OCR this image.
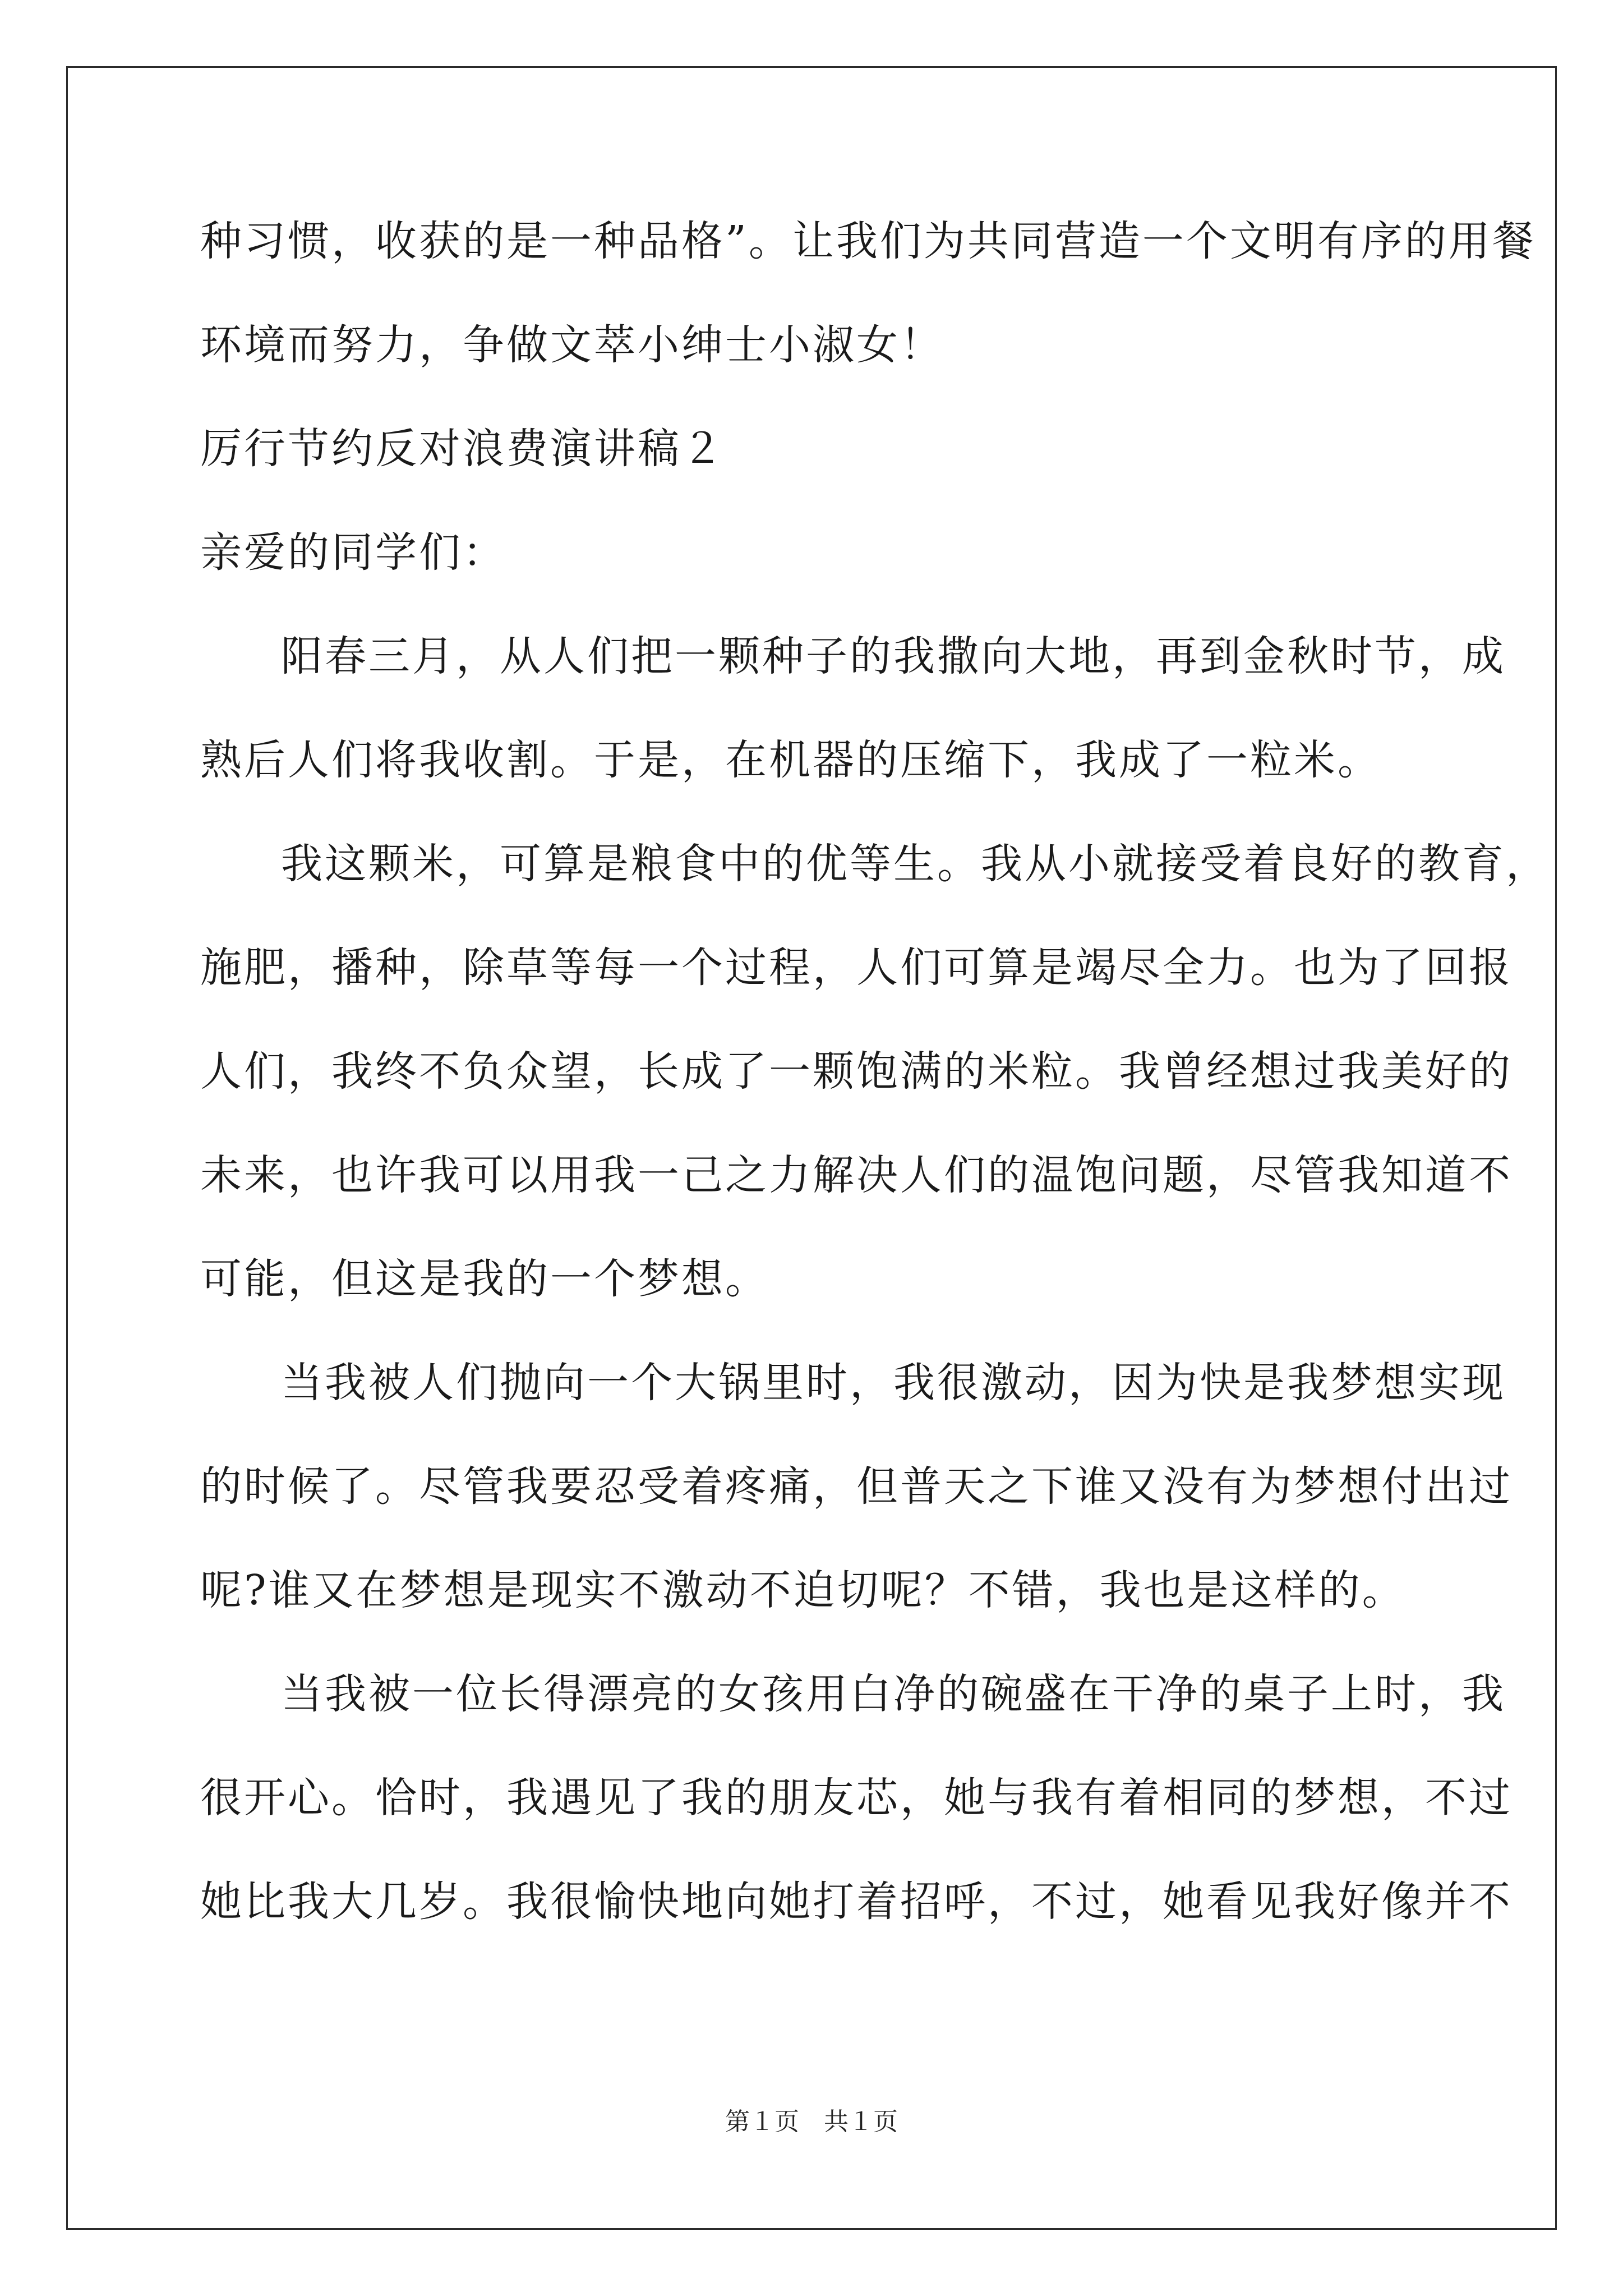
种习惯，收获的是一种品格”。让我们为共同营造一个文明有序的用餐
环境而努力，争做文萃小绅士小淑女！
厉行节约反对浪费演讲稿２
亲爱的同学们：
阳春三月，从人们把一颗种子的我撒向大地，再到金秋时节，成
熟后人们将我收割。于是，在机器的压缩下，我成了一粒米。
我这颗米，可算是粮食中的优等生。我从小就接受着良好的教育，
施肥，播种，除草等每一个过程，人们可算是竭尽全力。也为了回报
人们，我终不负众望，长成了一颗饱满的米粒。我曾经想过我美好的
未来，也许我可以用我一己之力解决人们的温饱问题，尽管我知道不
可能，但这是我的一个梦想。
当我被人们抛向一个大锅里时，我很激动，因为快是我梦想实现
的时候了。尽管我要忍受着疼痛，但普天之下谁又没有为梦想付出过
呢?谁又在梦想是现实不激动不迫切呢？不错，我也是这样的。
当我被一位长得漂亮的女孩用白净的碗盛在干净的桌子上时，我
很开心。恰时，我遇见了我的朋友芯，她与我有着相同的梦想，不过
她比我大几岁。我很愉快地向她打着招呼，不过，她看见我好像并不
第１页　共１页
